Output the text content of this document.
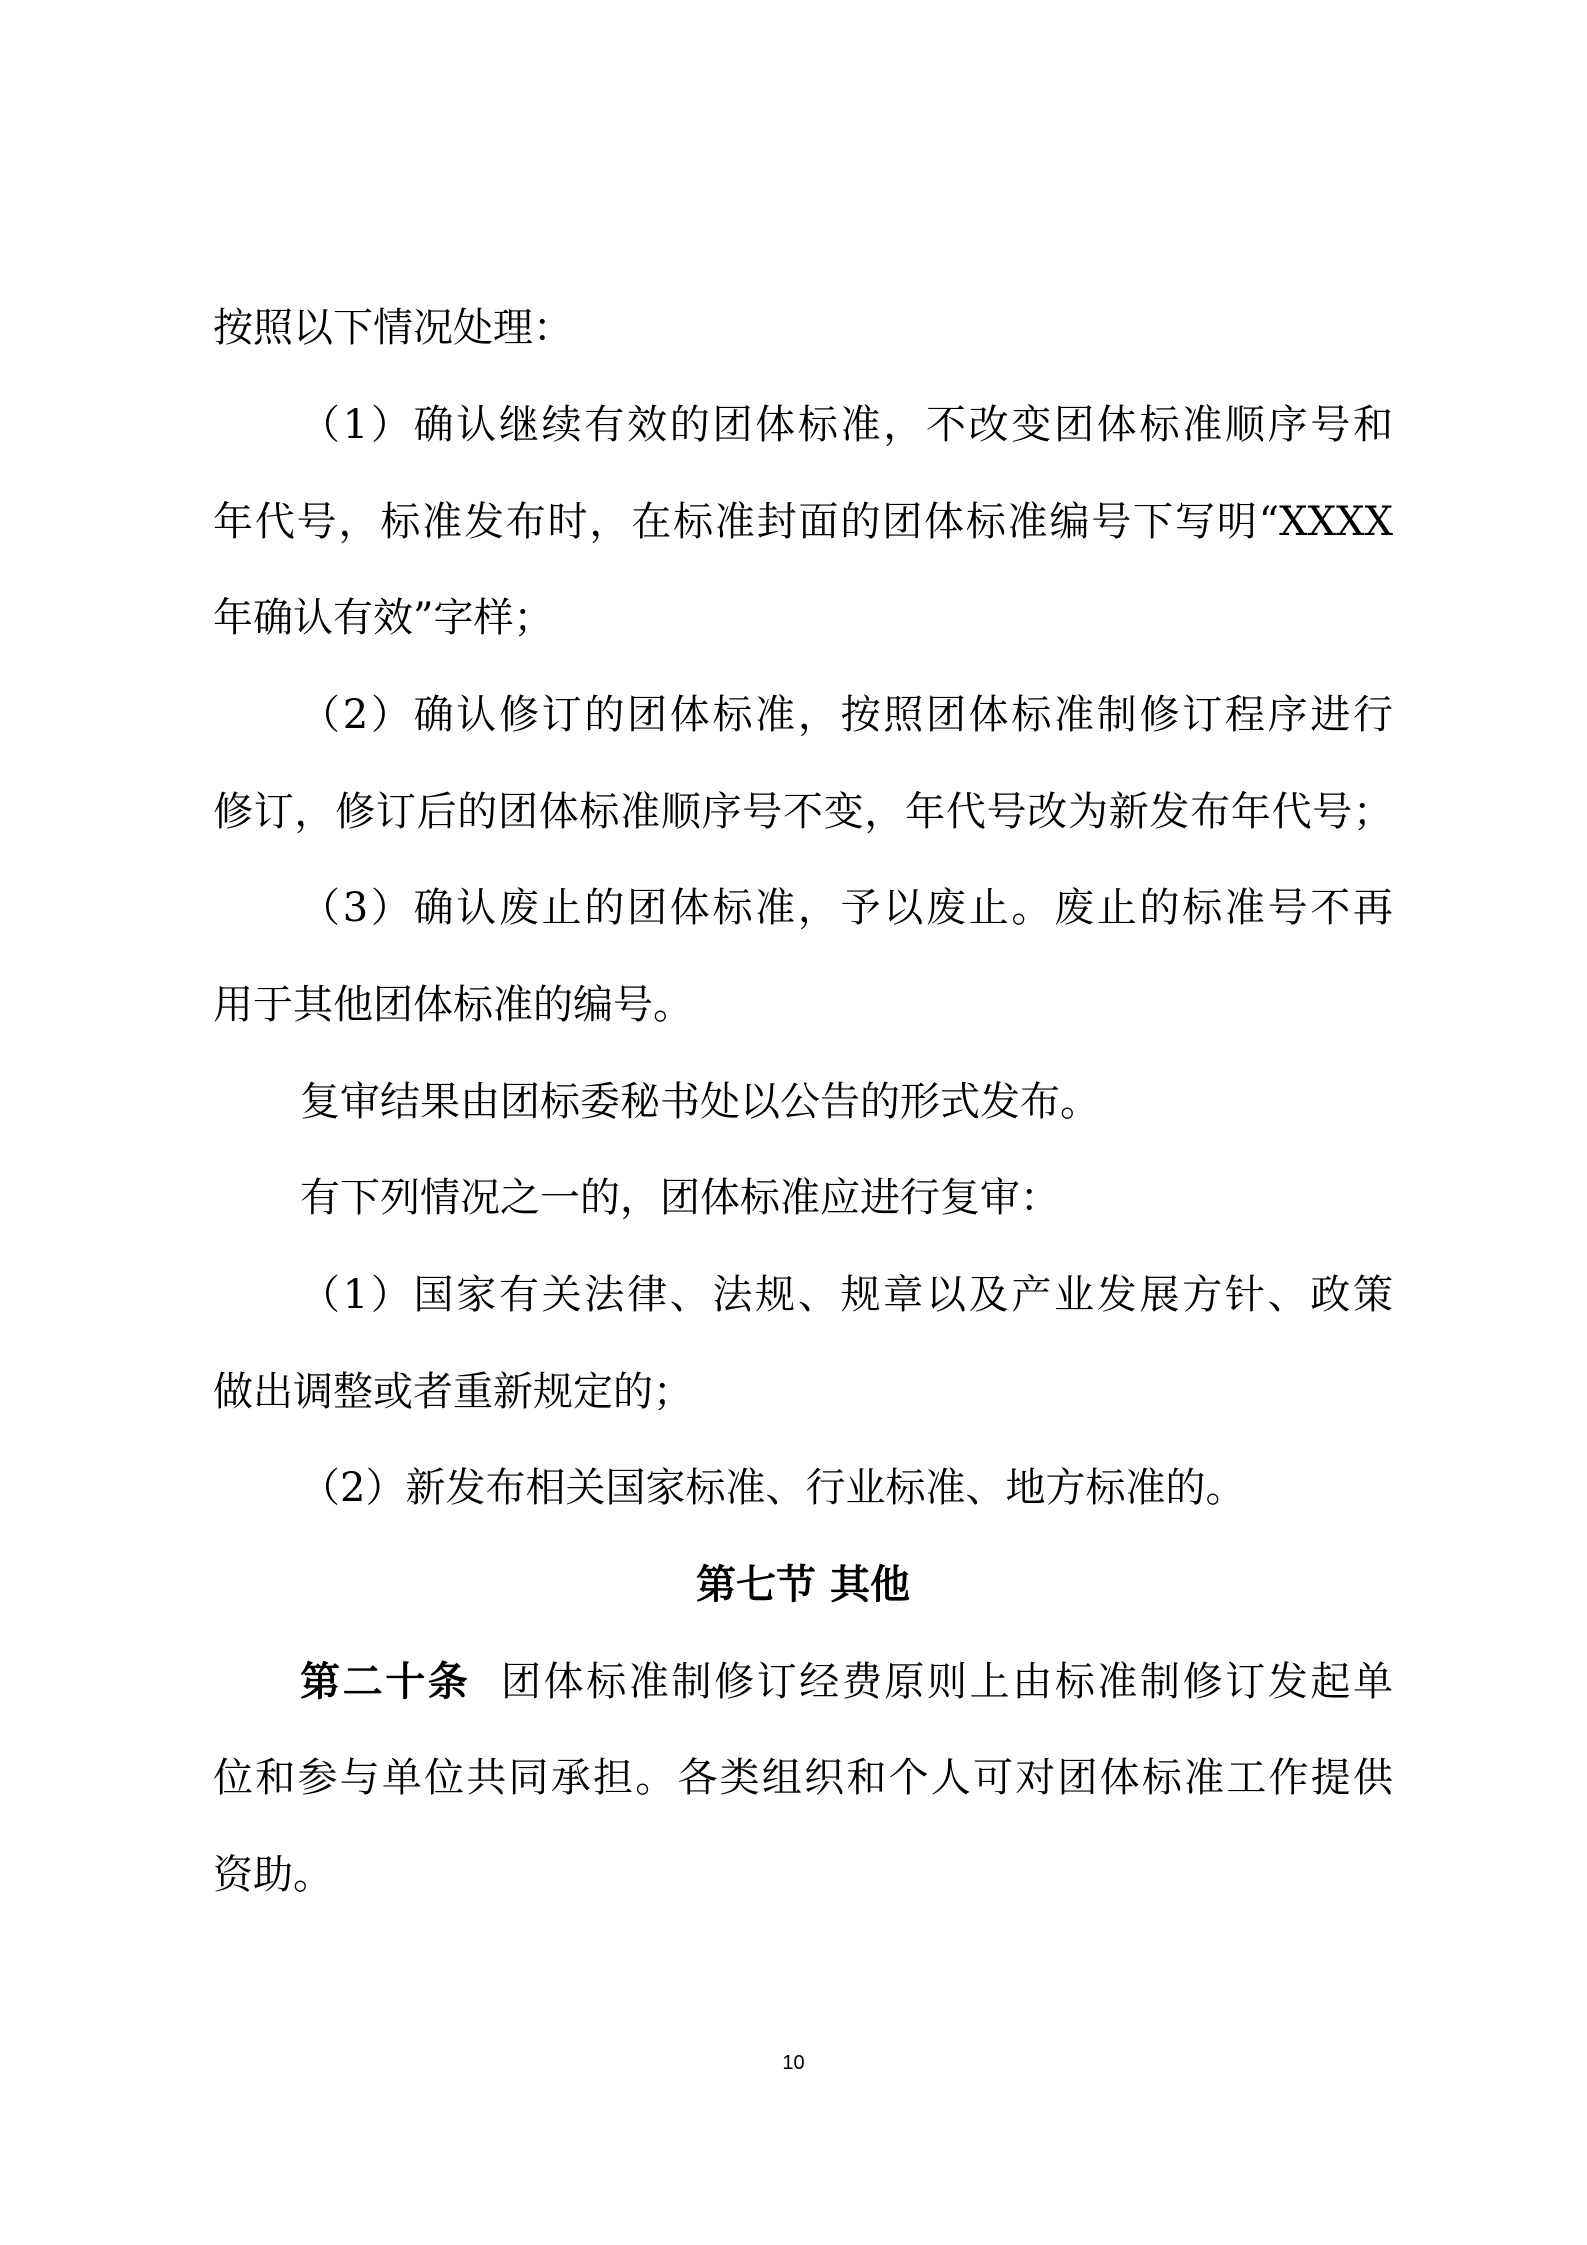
按照以下情况处理：
（1）确认继续有效的团体标准，不改变团体标准顺序号和
年代号，标准发布时，在标准封面的团体标准编号下写明“XXXX
年确认有效”字样；
（2）确认修订的团体标准，按照团体标准制修订程序进行
修订，修订后的团体标准顺序号不变，年代号改为新发布年代号；
（3）确认废止的团体标准，予以废止。废止的标准号不再
用于其他团体标准的编号。
复审结果由团标委秘书处以公告的形式发布。
有下列情况之一的，团体标准应进行复审：
（1）国家有关法律、法规、规章以及产业发展方针、政策
做出调整或者重新规定的；
（2）新发布相关国家标准、行业标准、地方标准的。
第七节 其他
第二十条 团体标准制修订经费原则上由标准制修订发起单
位和参与单位共同承担。各类组织和个人可对团体标准工作提供
资助。
10
